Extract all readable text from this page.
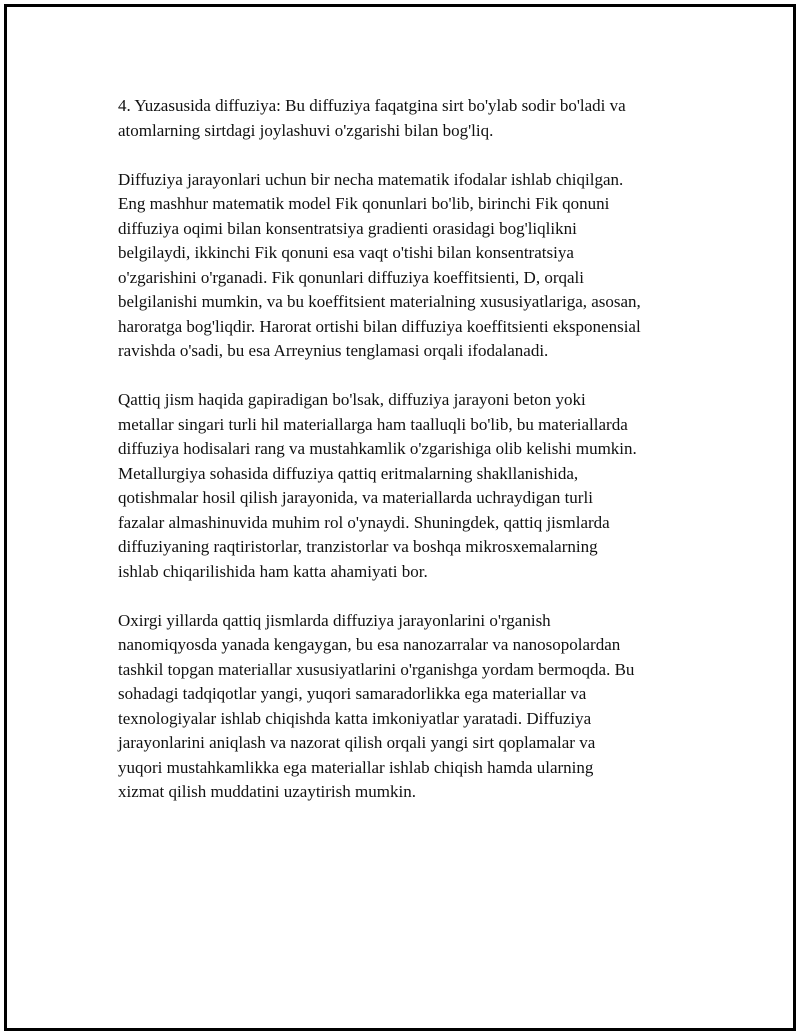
4. Yuzasusida diffuziya: Bu diffuziya faqatgina sirt bo'ylab sodir bo'ladi va
atomlarning sirtdagi joylashuvi o'zgarishi bilan bog'liq.

Diffuziya jarayonlari uchun bir necha matematik ifodalar ishlab chiqilgan.
Eng mashhur matematik model Fik qonunlari bo'lib, birinchi Fik qonuni
diffuziya oqimi bilan konsentratsiya gradienti orasidagi bog'liqlikni
belgilaydi, ikkinchi Fik qonuni esa vaqt o'tishi bilan konsentratsiya
o'zgarishini o'rganadi. Fik qonunlari diffuziya koeffitsienti, D, orqali
belgilanishi mumkin, va bu koeffitsient materialning xususiyatlariga, asosan,
haroratga bog'liqdir. Harorat ortishi bilan diffuziya koeffitsienti eksponensial
ravishda o'sadi, bu esa Arreynius tenglamasi orqali ifodalanadi.

Qattiq jism haqida gapiradigan bo'lsak, diffuziya jarayoni beton yoki
metallar singari turli hil materiallarga ham taalluqli bo'lib, bu materiallarda
diffuziya hodisalari rang va mustahkamlik o'zgarishiga olib kelishi mumkin.
Metallurgiya sohasida diffuziya qattiq eritmalarning shakllanishida,
qotishmalar hosil qilish jarayonida, va materiallarda uchraydigan turli
fazalar almashinuvida muhim rol o'ynaydi. Shuningdek, qattiq jismlarda
diffuziyaning raqtiristorlar, tranzistorlar va boshqa mikrosxemalarning
ishlab chiqarilishida ham katta ahamiyati bor.

Oxirgi yillarda qattiq jismlarda diffuziya jarayonlarini o'rganish
nanomiqyosda yanada kengaygan, bu esa nanozarralar va nanosopolardan
tashkil topgan materiallar xususiyatlarini o'rganishga yordam bermoqda. Bu
sohadagi tadqiqotlar yangi, yuqori samaradorlikka ega materiallar va
texnologiyalar ishlab chiqishda katta imkoniyatlar yaratadi. Diffuziya
jarayonlarini aniqlash va nazorat qilish orqali yangi sirt qoplamalar va
yuqori mustahkamlikka ega materiallar ishlab chiqish hamda ularning
xizmat qilish muddatini uzaytirish mumkin.
